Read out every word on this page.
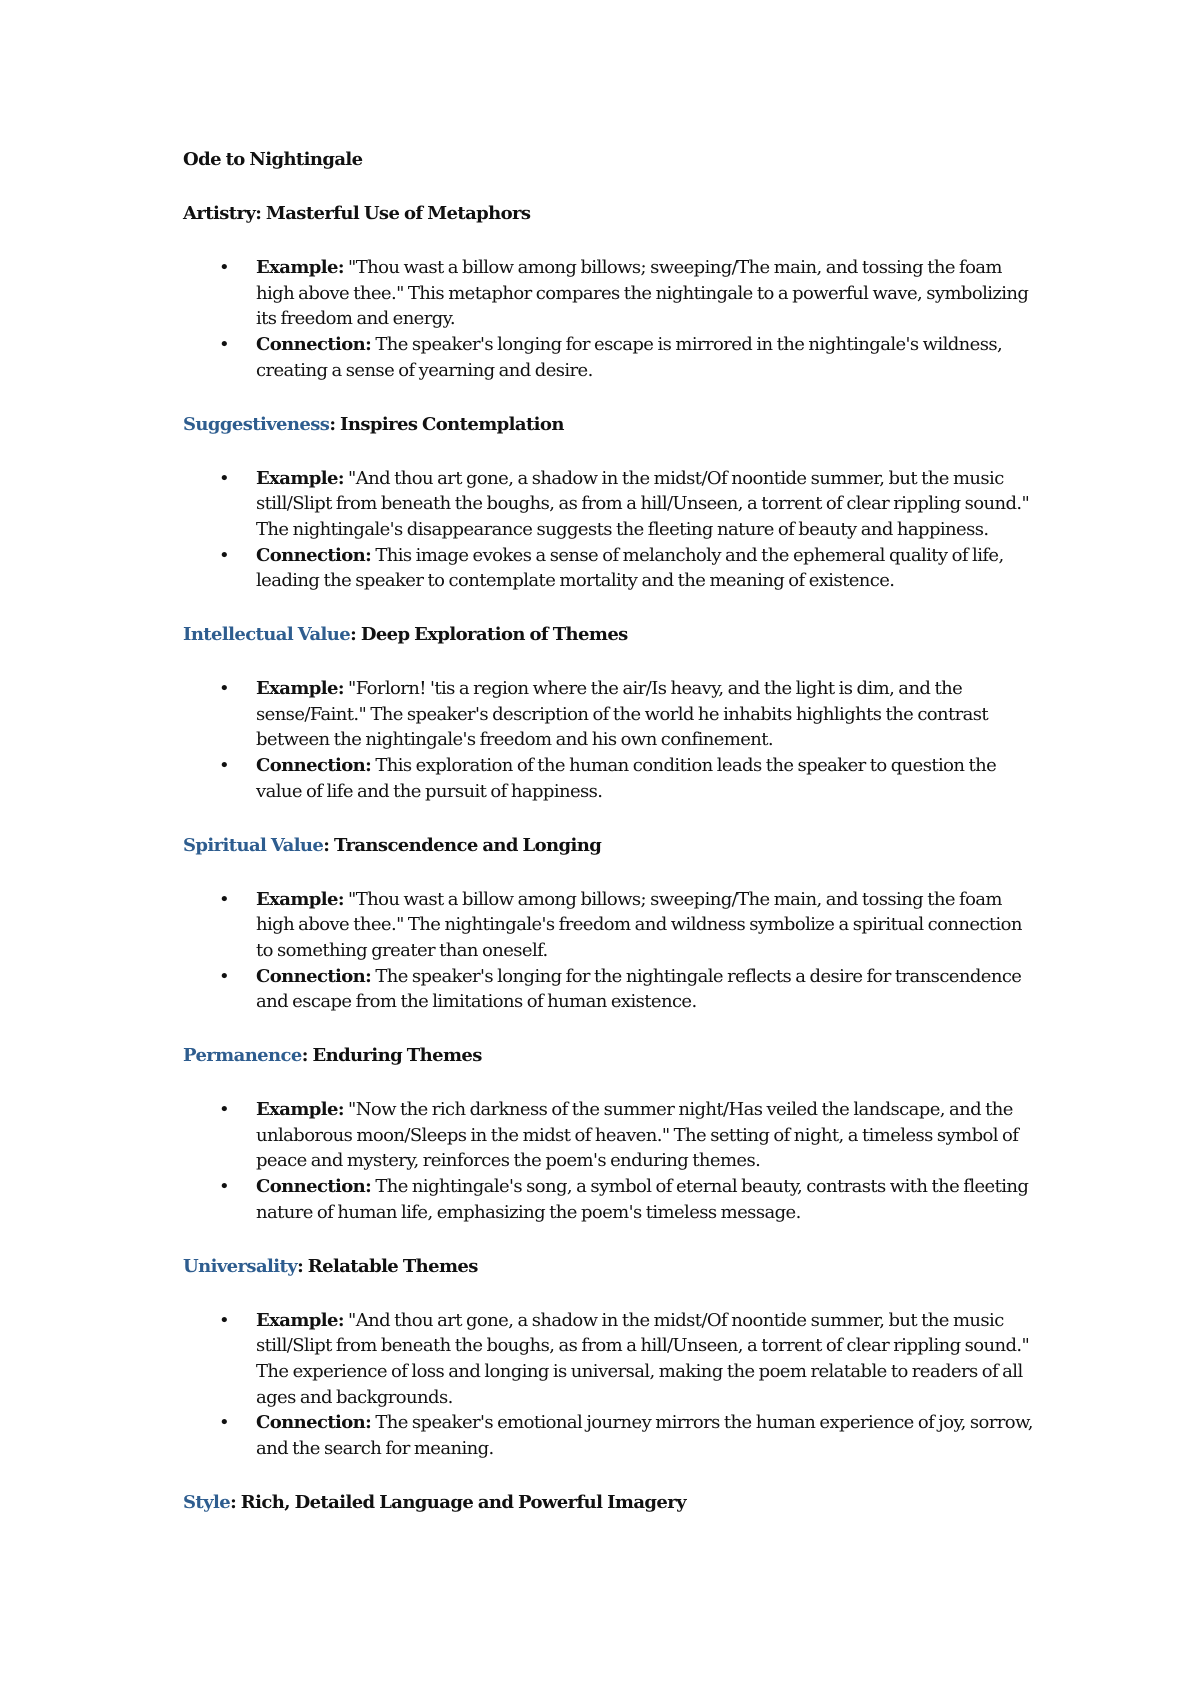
Ode to Nightingale
Artistry: Masterful Use of Metaphors
• Example: "Thou wast a billow among billows; sweeping/The main, and tossing the foam high above thee." This metaphor compares the nightingale to a powerful wave, symbolizing its freedom and energy.
• Connection: The speaker's longing for escape is mirrored in the nightingale's wildness, creating a sense of yearning and desire.
Suggestiveness: Inspires Contemplation
• Example: "And thou art gone, a shadow in the midst/Of noontide summer, but the music still/Slipt from beneath the boughs, as from a hill/Unseen, a torrent of clear rippling sound." The nightingale's disappearance suggests the fleeting nature of beauty and happiness.
• Connection: This image evokes a sense of melancholy and the ephemeral quality of life, leading the speaker to contemplate mortality and the meaning of existence.
Intellectual Value: Deep Exploration of Themes
• Example: "Forlorn! 'tis a region where the air/Is heavy, and the light is dim, and the sense/Faint." The speaker's description of the world he inhabits highlights the contrast between the nightingale's freedom and his own confinement.
• Connection: This exploration of the human condition leads the speaker to question the value of life and the pursuit of happiness.
Spiritual Value: Transcendence and Longing
• Example: "Thou wast a billow among billows; sweeping/The main, and tossing the foam high above thee." The nightingale's freedom and wildness symbolize a spiritual connection to something greater than oneself.
• Connection: The speaker's longing for the nightingale reflects a desire for transcendence and escape from the limitations of human existence.
Permanence: Enduring Themes
• Example: "Now the rich darkness of the summer night/Has veiled the landscape, and the unlaborous moon/Sleeps in the midst of heaven." The setting of night, a timeless symbol of peace and mystery, reinforces the poem's enduring themes.
• Connection: The nightingale's song, a symbol of eternal beauty, contrasts with the fleeting nature of human life, emphasizing the poem's timeless message.
Universality: Relatable Themes
• Example: "And thou art gone, a shadow in the midst/Of noontide summer, but the music still/Slipt from beneath the boughs, as from a hill/Unseen, a torrent of clear rippling sound." The experience of loss and longing is universal, making the poem relatable to readers of all ages and backgrounds.
• Connection: The speaker's emotional journey mirrors the human experience of joy, sorrow, and the search for meaning.
Style: Rich, Detailed Language and Powerful Imagery
